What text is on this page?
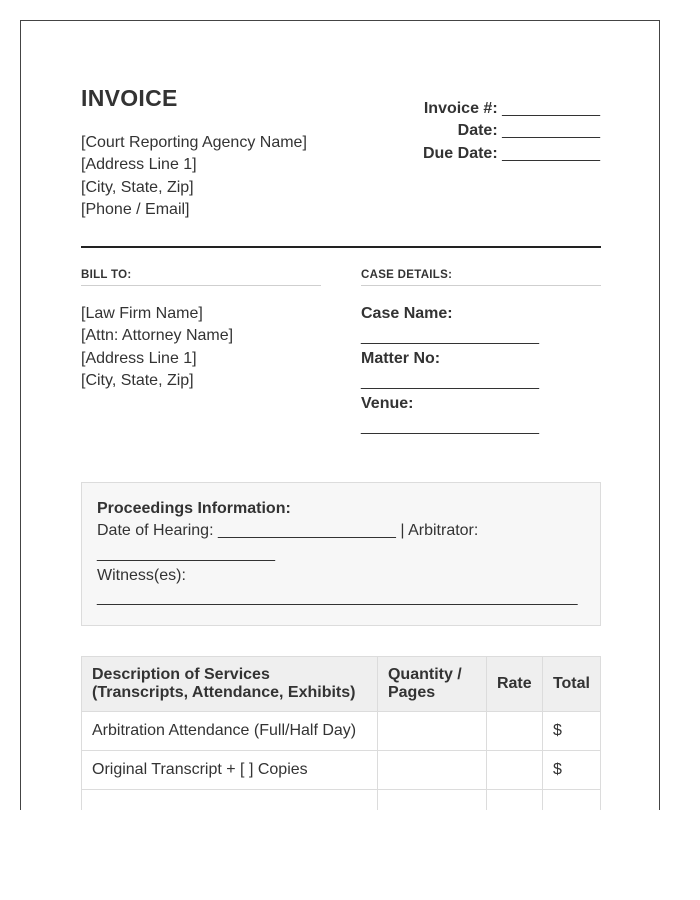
INVOICE
[Court Reporting Agency Name]
[Address Line 1]
[City, State, Zip]
[Phone / Email]
Invoice #: ___________
Date: ___________
Due Date: ___________
BILL TO:	CASE DETAILS:
[Law Firm Name]
[Attn: Attorney Name]
[Address Line 1]
[City, State, Zip]
Case Name:
____________________
Matter No:
____________________
Venue:
____________________
Proceedings Information:
Date of Hearing: ____________________ | Arbitrator: ____________________
Witness(es):
______________________________________________________
Description of Services (Transcripts, Attendance, Exhibits)	Quantity / Pages	Rate	Total
Arbitration Attendance (Full/Half Day)			$
Original Transcript + [ ] Copies			$
